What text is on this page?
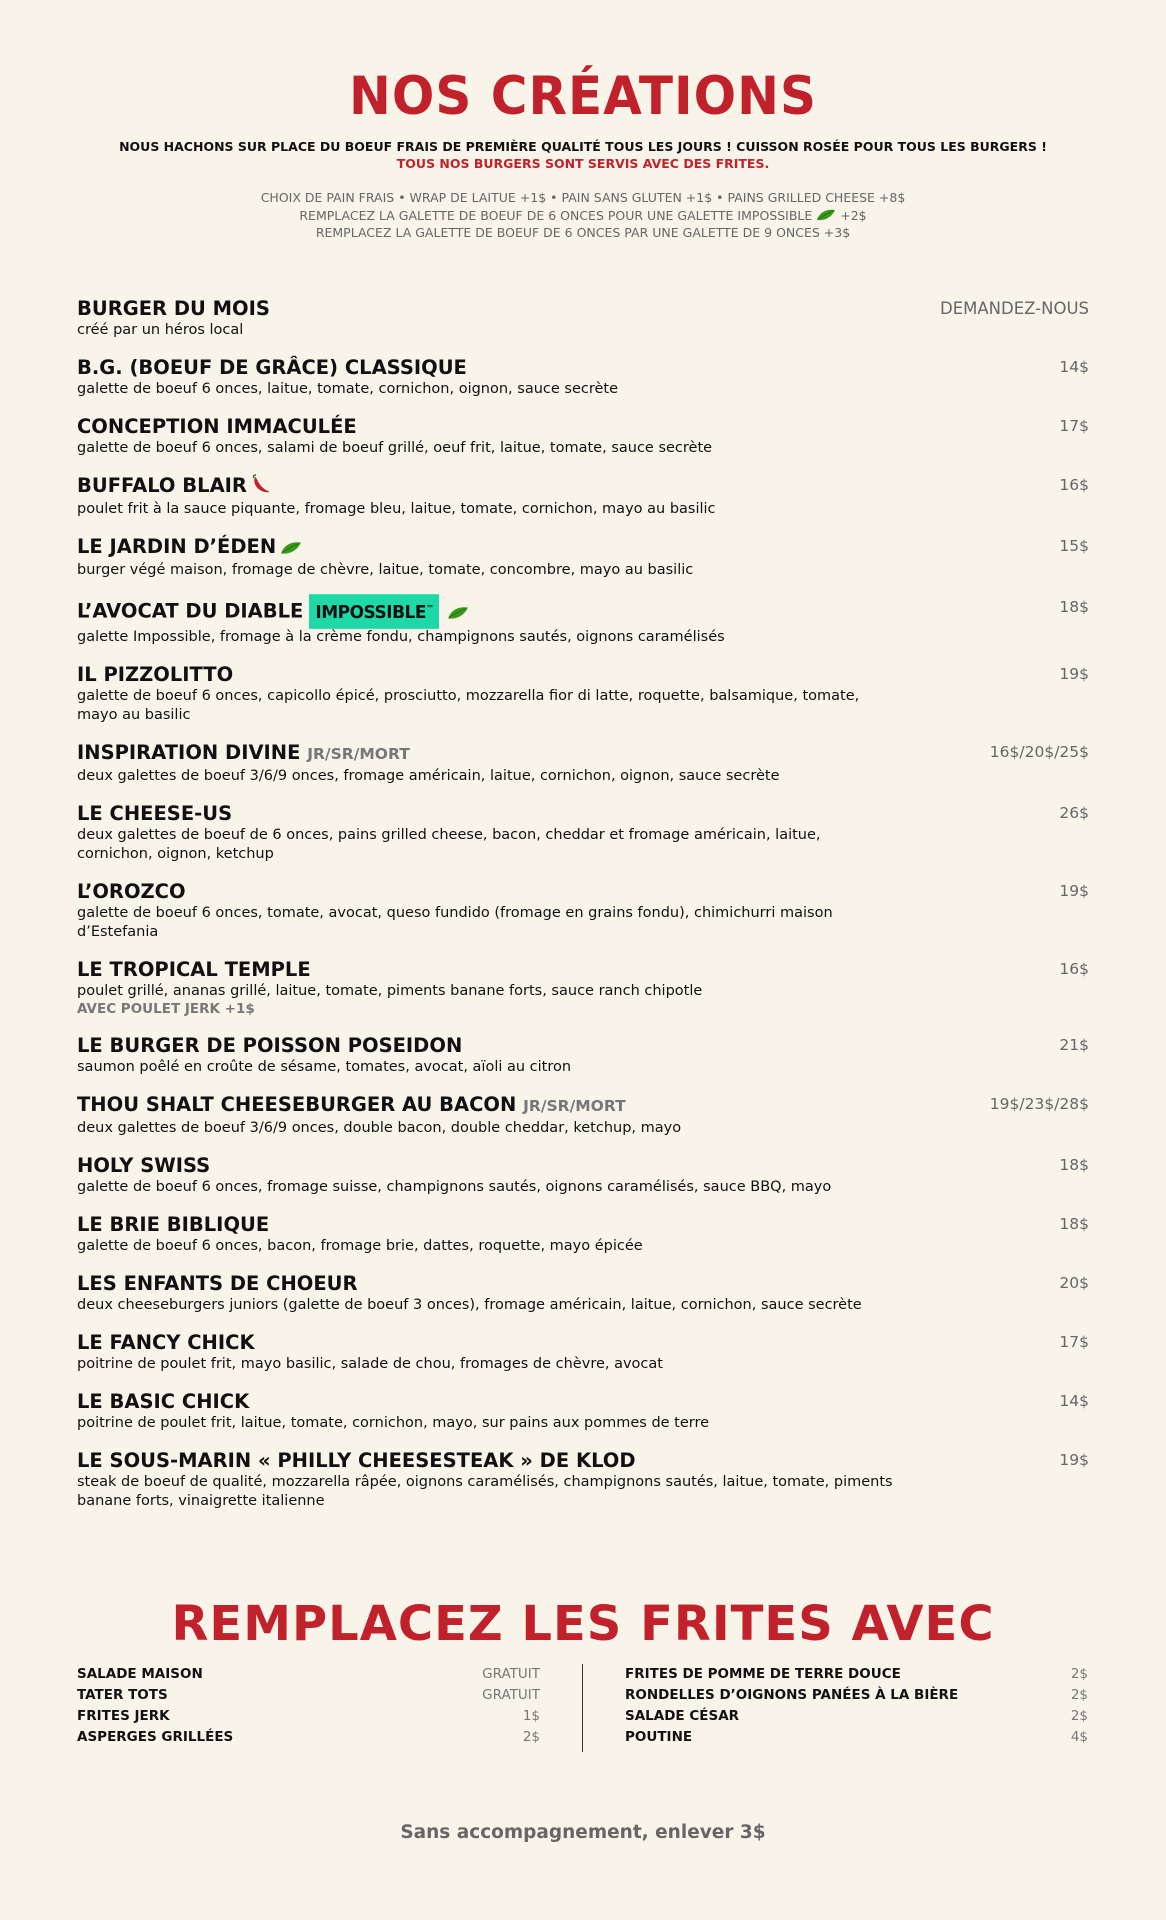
NOS CRÉATIONS
NOUS HACHONS SUR PLACE DU BOEUF FRAIS DE PREMIÈRE QUALITÉ TOUS LES JOURS ! CUISSON ROSÉE POUR TOUS LES BURGERS !
TOUS NOS BURGERS SONT SERVIS AVEC DES FRITES.
CHOIX DE PAIN FRAIS • WRAP DE LAITUE +1$ • PAIN SANS GLUTEN +1$ • PAINS GRILLED CHEESE +8$
REMPLACEZ LA GALETTE DE BOEUF DE 6 ONCES POUR UNE GALETTE IMPOSSIBLE +2$
REMPLACEZ LA GALETTE DE BOEUF DE 6 ONCES PAR UNE GALETTE DE 9 ONCES +3$
BURGER DU MOIS
créé par un héros local
DEMANDEZ-NOUS
B.G. (BOEUF DE GRÂCE) CLASSIQUE
galette de boeuf 6 onces, laitue, tomate, cornichon, oignon, sauce secrète
14$
CONCEPTION IMMACULÉE
galette de boeuf 6 onces, salami de boeuf grillé, oeuf frit, laitue, tomate, sauce secrète
17$
BUFFALO BLAIR
poulet frit à la sauce piquante, fromage bleu, laitue, tomate, cornichon, mayo au basilic
16$
LE JARDIN D’ÉDEN
burger végé maison, fromage de chèvre, laitue, tomate, concombre, mayo au basilic
15$
L’AVOCAT DU DIABLE IMPOSSIBLE™
galette Impossible, fromage à la crème fondu, champignons sautés, oignons caramélisés
18$
IL PIZZOLITTO
galette de boeuf 6 onces, capicollo épicé, prosciutto, mozzarella fior di latte, roquette, balsamique, tomate, mayo au basilic
19$
INSPIRATION DIVINE JR/SR/MORT
deux galettes de boeuf 3/6/9 onces, fromage américain, laitue, cornichon, oignon, sauce secrète
16$/20$/25$
LE CHEESE-US
deux galettes de boeuf de 6 onces, pains grilled cheese, bacon, cheddar et fromage américain, laitue, cornichon, oignon, ketchup
26$
L’OROZCO
galette de boeuf 6 onces, tomate, avocat, queso fundido (fromage en grains fondu), chimichurri maison d’Estefania
19$
LE TROPICAL TEMPLE
poulet grillé, ananas grillé, laitue, tomate, piments banane forts, sauce ranch chipotle
AVEC POULET JERK +1$
16$
LE BURGER DE POISSON POSEIDON
saumon poêlé en croûte de sésame, tomates, avocat, aïoli au citron
21$
THOU SHALT CHEESEBURGER AU BACON JR/SR/MORT
deux galettes de boeuf 3/6/9 onces, double bacon, double cheddar, ketchup, mayo
19$/23$/28$
HOLY SWISS
galette de boeuf 6 onces, fromage suisse, champignons sautés, oignons caramélisés, sauce BBQ, mayo
18$
LE BRIE BIBLIQUE
galette de boeuf 6 onces, bacon, fromage brie, dattes, roquette, mayo épicée
18$
LES ENFANTS DE CHOEUR
deux cheeseburgers juniors (galette de boeuf 3 onces), fromage américain, laitue, cornichon, sauce secrète
20$
LE FANCY CHICK
poitrine de poulet frit, mayo basilic, salade de chou, fromages de chèvre, avocat
17$
LE BASIC CHICK
poitrine de poulet frit, laitue, tomate, cornichon, mayo, sur pains aux pommes de terre
14$
LE SOUS-MARIN « PHILLY CHEESESTEAK » DE KLOD
steak de boeuf de qualité, mozzarella râpée, oignons caramélisés, champignons sautés, laitue, tomate, piments banane forts, vinaigrette italienne
19$
REMPLACEZ LES FRITES AVEC
SALADE MAISON	GRATUIT
TATER TOTS	GRATUIT
FRITES JERK	1$
ASPERGES GRILLÉES	2$
FRITES DE POMME DE TERRE DOUCE	2$
RONDELLES D’OIGNONS PANÉES À LA BIÈRE	2$
SALADE CÉSAR	2$
POUTINE	4$
Sans accompagnement, enlever 3$
